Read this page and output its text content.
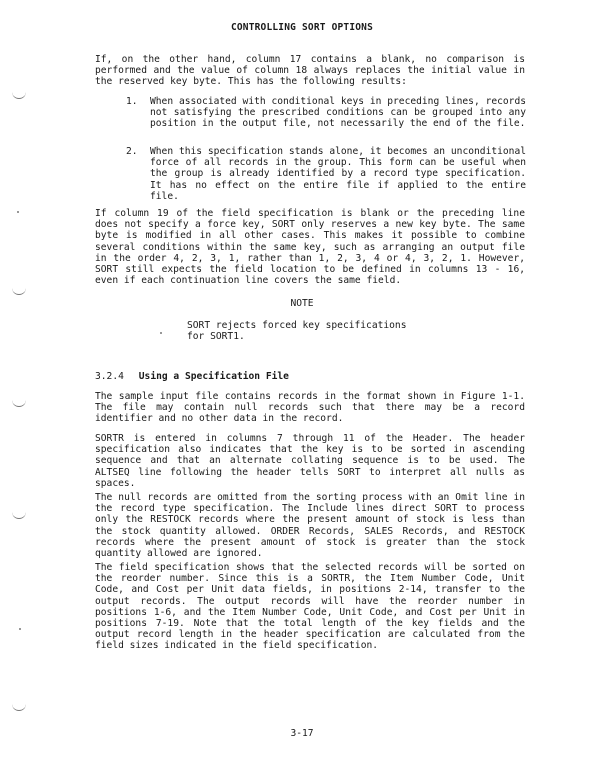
CONTROLLING SORT OPTIONS
If, on the other hand, column 17 contains a blank, no comparison is performed and the value of column 18 always replaces the initial value in the reserved key byte. This has the following results:
1.	When associated with conditional keys in preceding lines, records not satisfying the prescribed conditions can be grouped into any position in the output file, not necessarily the end of the file.
2.	When this specification stands alone, it becomes an unconditional force of all records in the group. This form can be useful when the group is already identified by a record type specification. It has no effect on the entire file if applied to the entire file.
If column 19 of the field specification is blank or the preceding line does not specify a force key, SORT only reserves a new key byte. The same byte is modified in all other cases. This makes it possible to combine several conditions within the same key, such as arranging an output file in the order 4, 2, 3, 1, rather than 1, 2, 3, 4 or 4, 3, 2, 1. However, SORT still expects the field location to be defined in columns 13 - 16, even if each continuation line covers the same field.
NOTE
SORT rejects forced key specifications
for SORT1.
3.2.4 Using a Specification File
The sample input file contains records in the format shown in Figure 1-1. The file may contain null records such that there may be a record identifier and no other data in the record.
SORTR is entered in columns 7 through 11 of the Header. The header specification also indicates that the key is to be sorted in ascending sequence and that an alternate collating sequence is to be used. The ALTSEQ line following the header tells SORT to interpret all nulls as spaces.
The null records are omitted from the sorting process with an Omit line in the record type specification. The Include lines direct SORT to process only the RESTOCK records where the present amount of stock is less than the stock quantity allowed. ORDER Records, SALES Records, and RESTOCK records where the present amount of stock is greater than the stock quantity allowed are ignored.
The field specification shows that the selected records will be sorted on the reorder number. Since this is a SORTR, the Item Number Code, Unit Code, and Cost per Unit data fields, in positions 2-14, transfer to the output records. The output records will have the reorder number in positions 1-6, and the Item Number Code, Unit Code, and Cost per Unit in positions 7-19. Note that the total length of the key fields and the output record length in the header specification are calculated from the field sizes indicated in the field specification.
3-17
